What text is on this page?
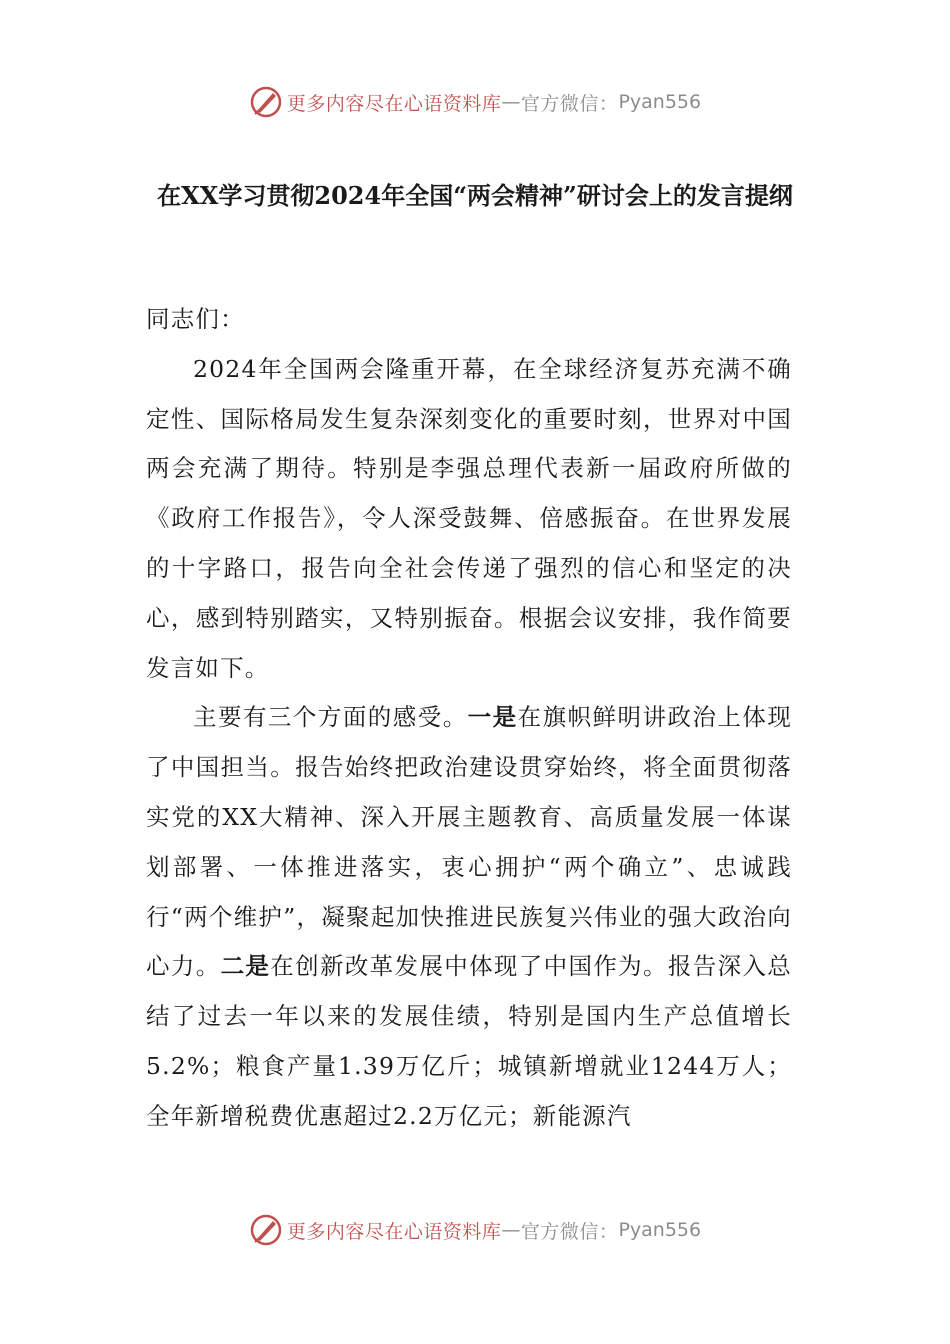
更多内容尽在心语资料库 — 官方微信： Pyan556
在XX学习贯彻2024年全国“两会精神”研讨会上的发言提纲

同志们：

2024年全国两会隆重开幕，在全球经济复苏充满不确定性、国际格局发生复杂深刻变化的重要时刻，世界对中国两会充满了期待。特别是李强总理代表新一届政府所做的《政府工作报告》，令人深受鼓舞、倍感振奋。在世界发展的十字路口，报告向全社会传递了强烈的信心和坚定的决心，感到特别踏实，又特别振奋。根据会议安排，我作简要发言如下。

主要有三个方面的感受。一是在旗帜鲜明讲政治上体现了中国担当。报告始终把政治建设贯穿始终，将全面贯彻落实党的XX大精神、深入开展主题教育、高质量发展一体谋划部署、一体推进落实，衷心拥护“两个确立”、忠诚践行“两个维护”，凝聚起加快推进民族复兴伟业的强大政治向心力。二是在创新改革发展中体现了中国作为。报告深入总结了过去一年以来的发展佳绩，特别是国内生产总值增长5.2%；粮食产量1.39万亿斤；城镇新增就业1244万人；全年新增税费优惠超过2.2万亿元；新能源汽

更多内容尽在心语资料库 — 官方微信： Pyan556
